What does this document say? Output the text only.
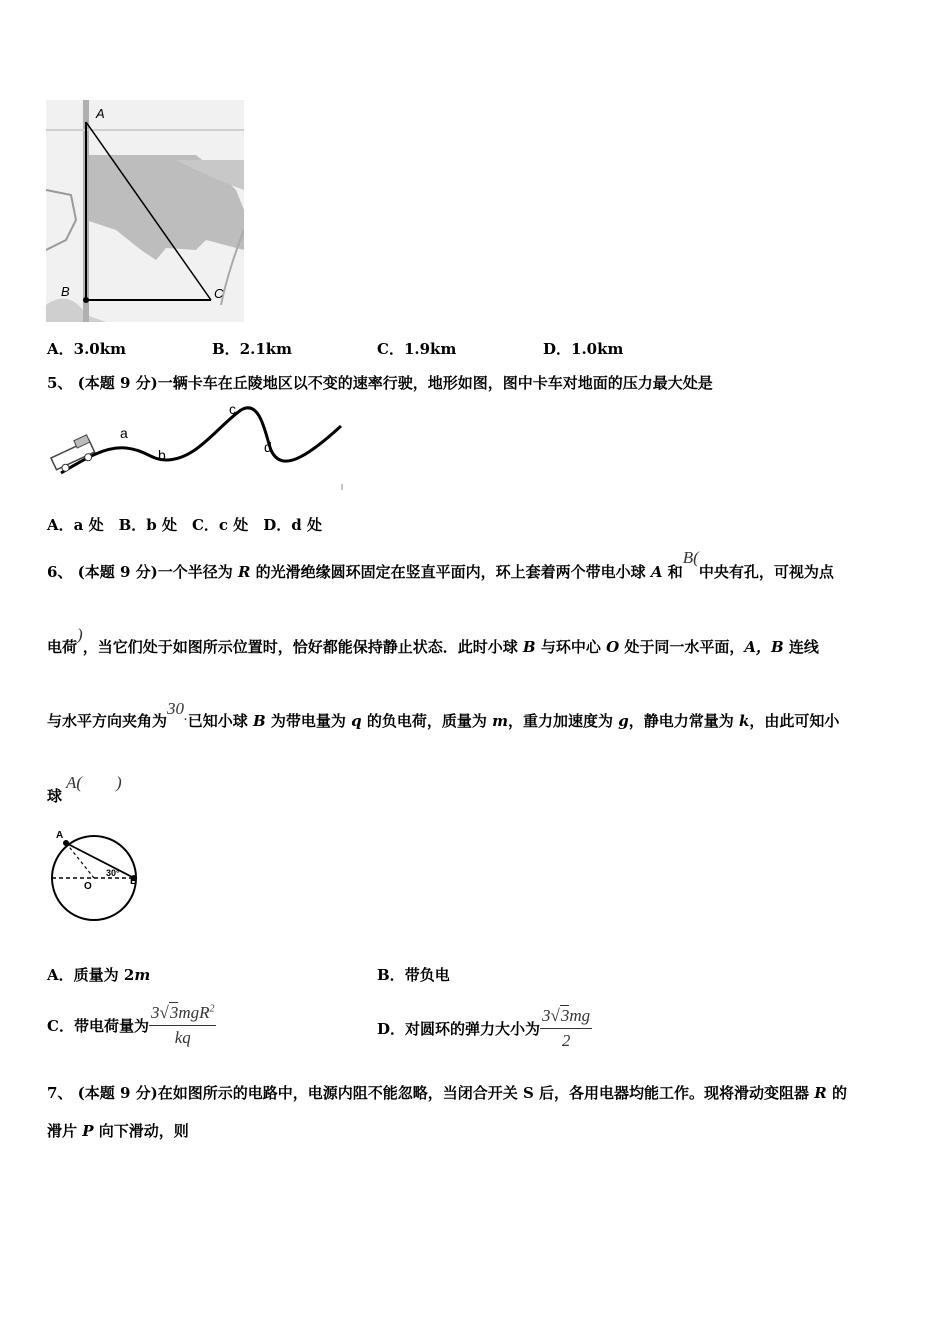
A
B	C
A．3.0km	B．2.1km	C．1.9km	D．1.0km
5、 (本题 9 分)一辆卡车在丘陵地区以不变的速率行驶，地形如图，图中卡车对地面的压力最大处是
a
b
c
d
A．a 处　B．b 处　C．c 处　D．d 处
6、 (本题 9 分)一个半径为 R 的光滑绝缘圆环固定在竖直平面内，环上套着两个带电小球 A 和B(中央有孔，可视为点
电荷)，当它们处于如图所示位置时，恰好都能保持静止状态．此时小球 B 与环中心 O 处于同一水平面，A，B 连线
与水平方向夹角为30.已知小球 B 为带电量为 q 的负电荷，质量为 m，重力加速度为 g，静电力常量为 k，由此可知小
球
A(　　)
A
B
O
30°
A．质量为 2m	B．带负电
C． 带电荷量为 $\frac{3√3mgR^2}{kq}$	D． 对圆环的弹力大小为 $\frac{3√3mg}{2}$
7、 (本题 9 分)在如图所示的电路中，电源内阻不能忽略，当闭合开关 S 后，各用电器均能工作。现将滑动变阻器 R 的
滑片 P 向下滑动，则
